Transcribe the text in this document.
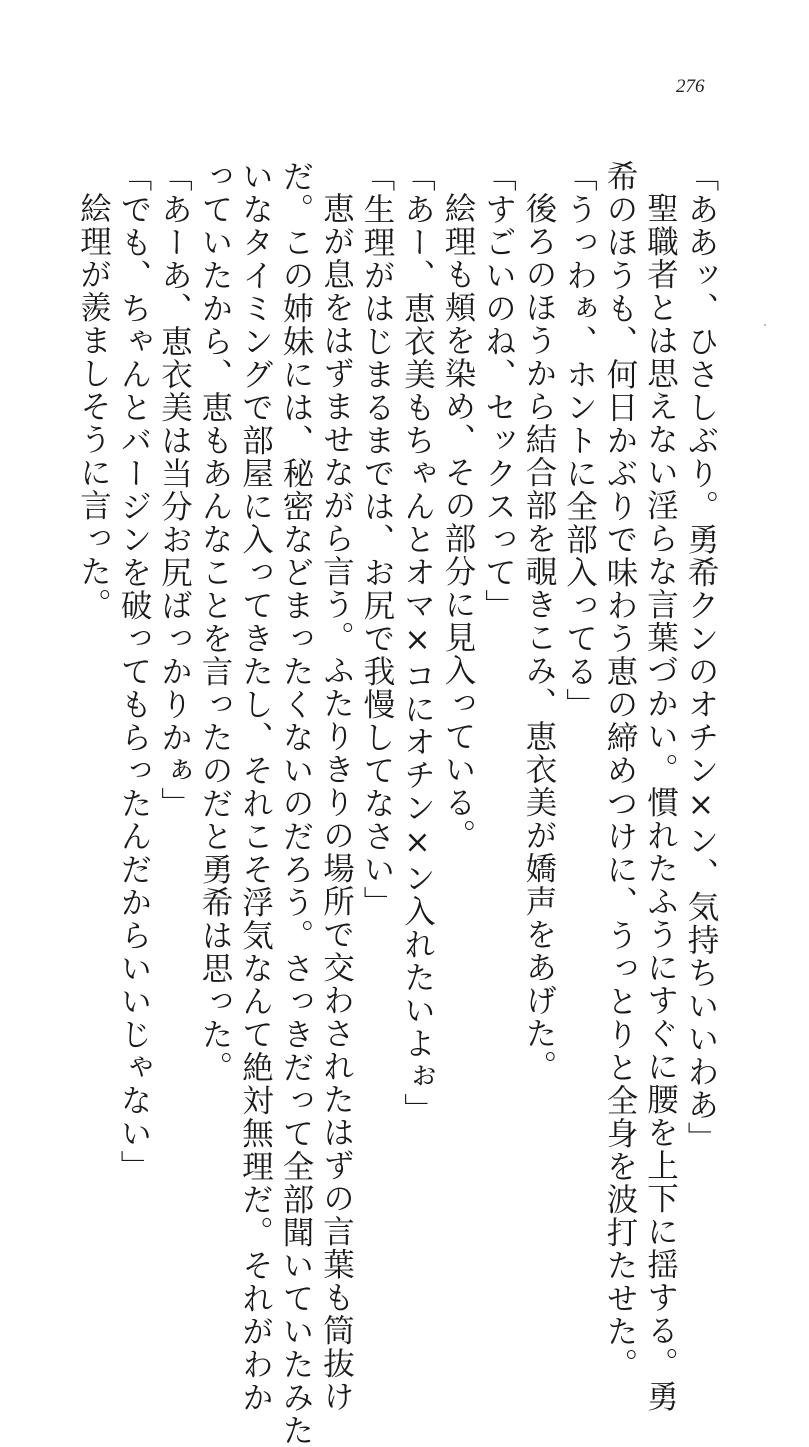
276
「ああッ、ひさしぶり。勇希クンのオチン×ン、気持ちいいわあ」
聖職者とは思えない淫らな言葉づかい。慣れたふうにすぐに腰を上下に揺する。勇
希のほうも、何日かぶりで味わう恵の締めつけに、うっとりと全身を波打たせた。
「うっわぁ、ホントに全部入ってる」
後ろのほうから結合部を覗きこみ、恵衣美が嬌声をあげた。
「すごいのね、セックスって」
絵理も頬を染め、その部分に見入っている。
「あー、恵衣美もちゃんとオマ×コにオチン×ン入れたいよぉ」
「生理がはじまるまでは、お尻で我慢してなさい」
恵が息をはずませながら言う。ふたりきりの場所で交わされたはずの言葉も筒抜け
だ。この姉妹には、秘密などまったくないのだろう。さっきだって全部聞いていたみた
いなタイミングで部屋に入ってきたし、それこそ浮気なんて絶対無理だ。それがわか
っていたから、恵もあんなことを言ったのだと勇希は思った。
「あーあ、恵衣美は当分お尻ばっかりかぁ」
「でも、ちゃんとバージンを破ってもらったんだからいいじゃない」
絵理が羨ましそうに言った。
